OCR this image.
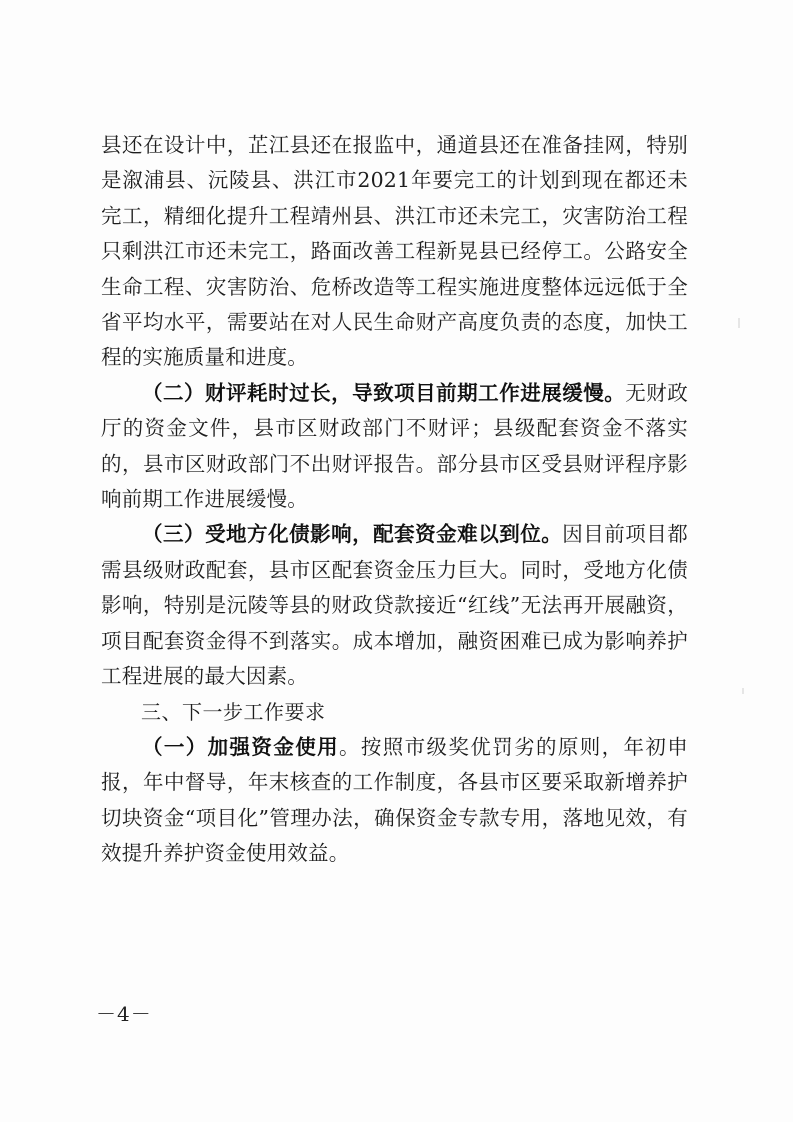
县还在设计中，芷江县还在报监中，通道县还在准备挂网，特别是溆浦县、沅陵县、洪江市2021年要完工的计划到现在都还未完工，精细化提升工程靖州县、洪江市还未完工，灾害防治工程只剩洪江市还未完工，路面改善工程新晃县已经停工。公路安全生命工程、灾害防治、危桥改造等工程实施进度整体远远低于全省平均水平，需要站在对人民生命财产高度负责的态度，加快工程的实施质量和进度。

（二）财评耗时过长，导致项目前期工作进展缓慢。无财政厅的资金文件，县市区财政部门不财评；县级配套资金不落实的，县市区财政部门不出财评报告。部分县市区受县财评程序影响前期工作进展缓慢。

（三）受地方化债影响，配套资金难以到位。因目前项目都需县级财政配套，县市区配套资金压力巨大。同时，受地方化债影响，特别是沅陵等县的财政贷款接近“红线”无法再开展融资，项目配套资金得不到落实。成本增加，融资困难已成为影响养护工程进展的最大因素。

三、下一步工作要求

（一）加强资金使用。按照市级奖优罚劣的原则，年初申报，年中督导，年末核查的工作制度，各县市区要采取新增养护切块资金“项目化”管理办法，确保资金专款专用，落地见效，有效提升养护资金使用效益。

－4－
